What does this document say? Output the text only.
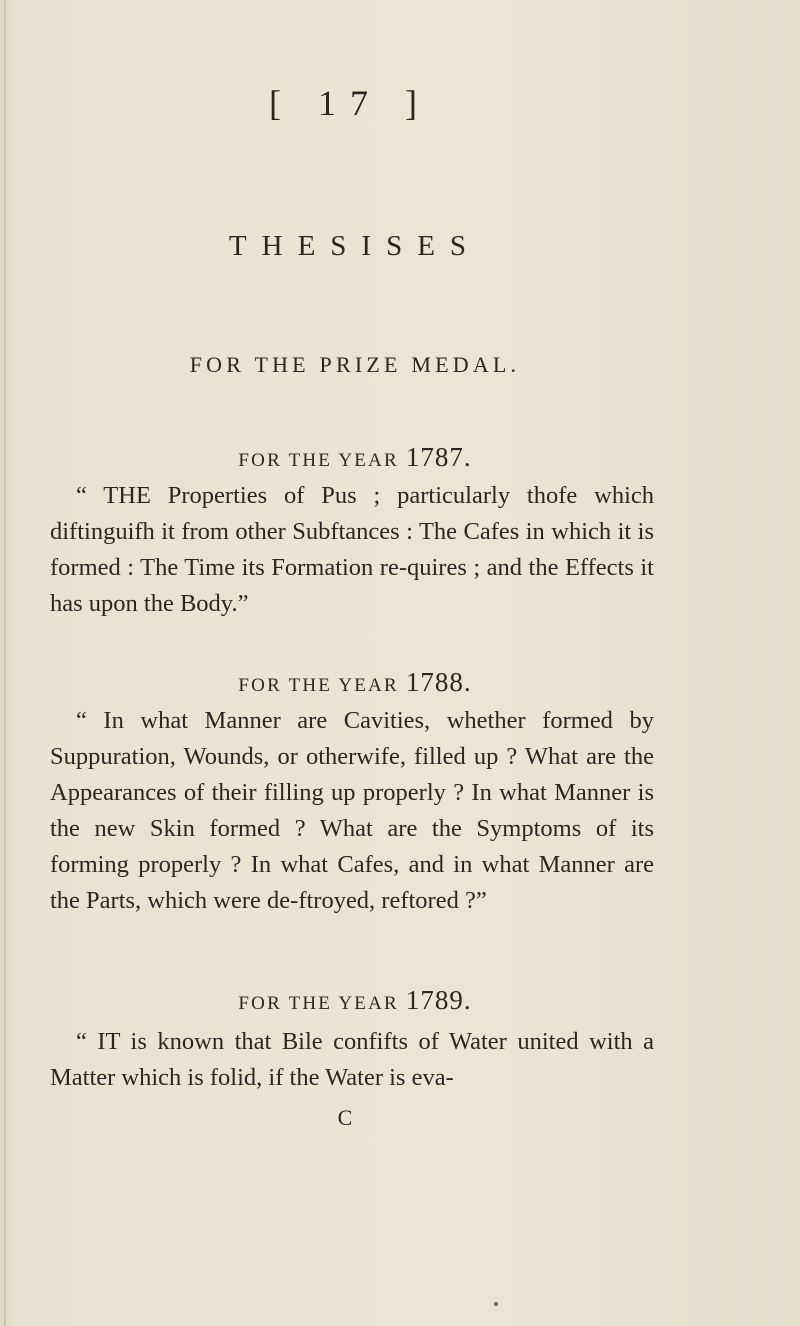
[ 17 ]
THESISES
FOR THE PRIZE MEDAL.
FOR THE YEAR 1787.

“ THE Properties of Pus ; particularly thofe which diftinguifh it from other Subftances : The Cafes in which it is formed : The Time its Formation re-quires ; and the Effects it has upon the Body.”

FOR THE YEAR 1788.

“ In what Manner are Cavities, whether formed by Suppuration, Wounds, or otherwife, filled up ? What are the Appearances of their filling up properly ? In what Manner is the new Skin formed ? What are the Symptoms of its forming properly ? In what Cafes, and in what Manner are the Parts, which were de-ftroyed, reftored ?”

FOR THE YEAR 1789.

“ IT is known that Bile confifts of Water united with a Matter which is folid, if the Water is eva-

C
